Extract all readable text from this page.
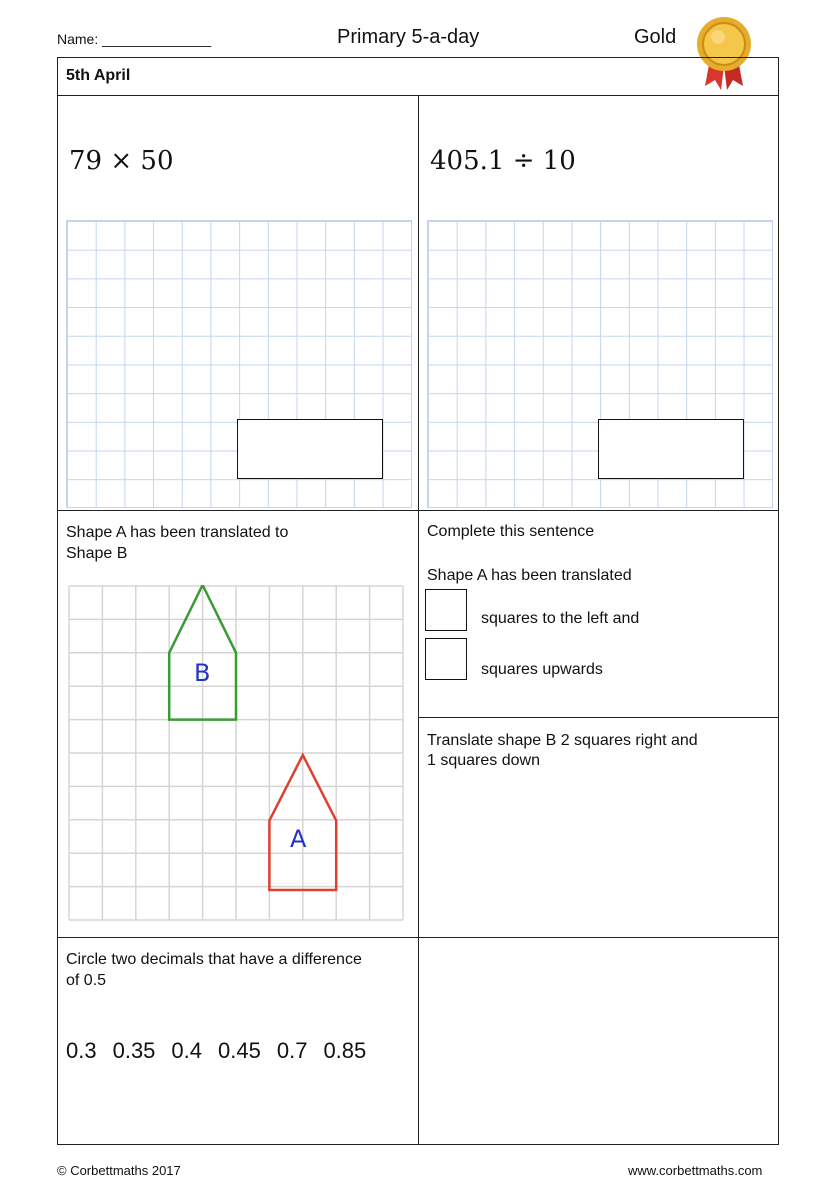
Name: ______________	Primary 5-a-day	Gold
5th April
79 × 50	405.1 ÷ 10
Shape A has been translated to
Shape B
B
A
Complete this sentence
Shape A has been translated
squares to the left and
squares upwards
Translate shape B 2 squares right and
1 squares down
Circle two decimals that have a difference
of 0.5
0.3 0.35 0.4 0.45 0.7 0.85
© Corbettmaths 2017	www.corbettmaths.com
